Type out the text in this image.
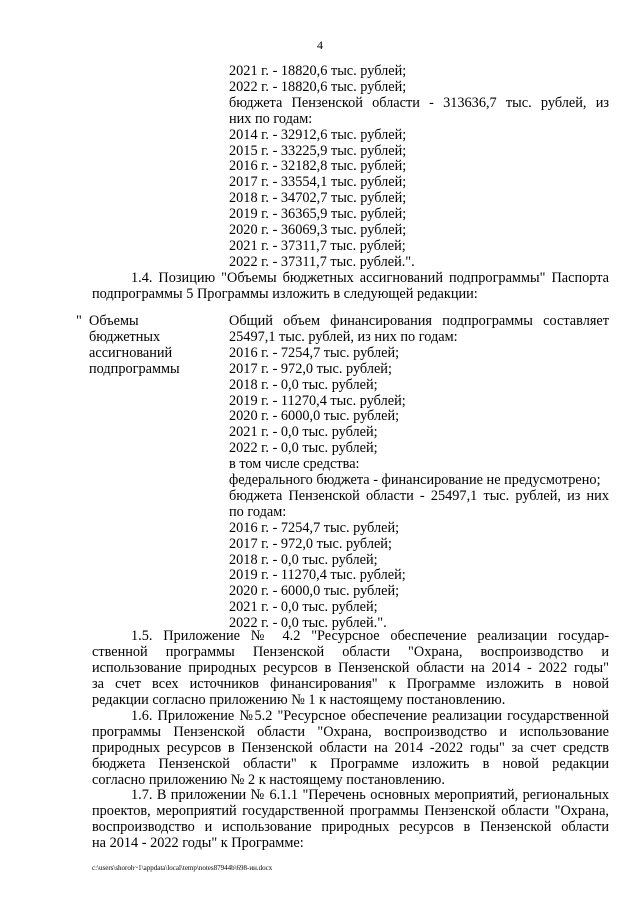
4
2021 г. - 18820,6 тыс. рублей;
2022 г. - 18820,6 тыс. рублей;
бюджета Пензенской области - 313636,7 тыс. рублей, из
них по годам:
2014 г. - 32912,6 тыс. рублей;
2015 г. - 33225,9 тыс. рублей;
2016 г. - 32182,8 тыс. рублей;
2017 г. - 33554,1 тыс. рублей;
2018 г. - 34702,7 тыс. рублей;
2019 г. - 36365,9 тыс. рублей;
2020 г. - 36069,3 тыс. рублей;
2021 г. - 37311,7 тыс. рублей;
2022 г. - 37311,7 тыс. рублей.".
1.4. Позицию "Объемы бюджетных ассигнований подпрограммы" Паспорта
подпрограммы 5 Программы изложить в следующей редакции:
" Объемы
бюджетных
ассигнований
подпрограммы
Общий объем финансирования подпрограммы составляет
25497,1 тыс. рублей, из них по годам:
2016 г. - 7254,7 тыс. рублей;
2017 г. - 972,0 тыс. рублей;
2018 г. - 0,0 тыс. рублей;
2019 г. - 11270,4 тыс. рублей;
2020 г. - 6000,0 тыс. рублей;
2021 г. - 0,0 тыс. рублей;
2022 г. - 0,0 тыс. рублей;
в том числе средства:
федерального бюджета - финансирование не предусмотрено;
бюджета Пензенской области - 25497,1 тыс. рублей, из них
по годам:
2016 г. - 7254,7 тыс. рублей;
2017 г. - 972,0 тыс. рублей;
2018 г. - 0,0 тыс. рублей;
2019 г. - 11270,4 тыс. рублей;
2020 г. - 6000,0 тыс. рублей;
2021 г. - 0,0 тыс. рублей;
2022 г. - 0,0 тыс. рублей.".
1.5. Приложение № 4.2 "Ресурсное обеспечение реализации государ-
ственной программы Пензенской области "Охрана, воспроизводство и
использование природных ресурсов в Пензенской области на 2014 - 2022 годы"
за счет всех источников финансирования" к Программе изложить в новой
редакции согласно приложению № 1 к настоящему постановлению.
1.6. Приложение №5.2 "Ресурсное обеспечение реализации государственной
программы Пензенской области "Охрана, воспроизводство и использование
природных ресурсов в Пензенской области на 2014 -2022 годы" за счет средств
бюджета Пензенской области" к Программе изложить в новой редакции
согласно приложению № 2 к настоящему постановлению.
1.7. В приложении № 6.1.1 "Перечень основных мероприятий, региональных
проектов, мероприятий государственной программы Пензенской области "Охрана,
воспроизводство и использование природных ресурсов в Пензенской области
на 2014 - 2022 годы" к Программе:
c:\users\shoroh~1\appdata\local\temp\notes87944b\698-ин.docx
